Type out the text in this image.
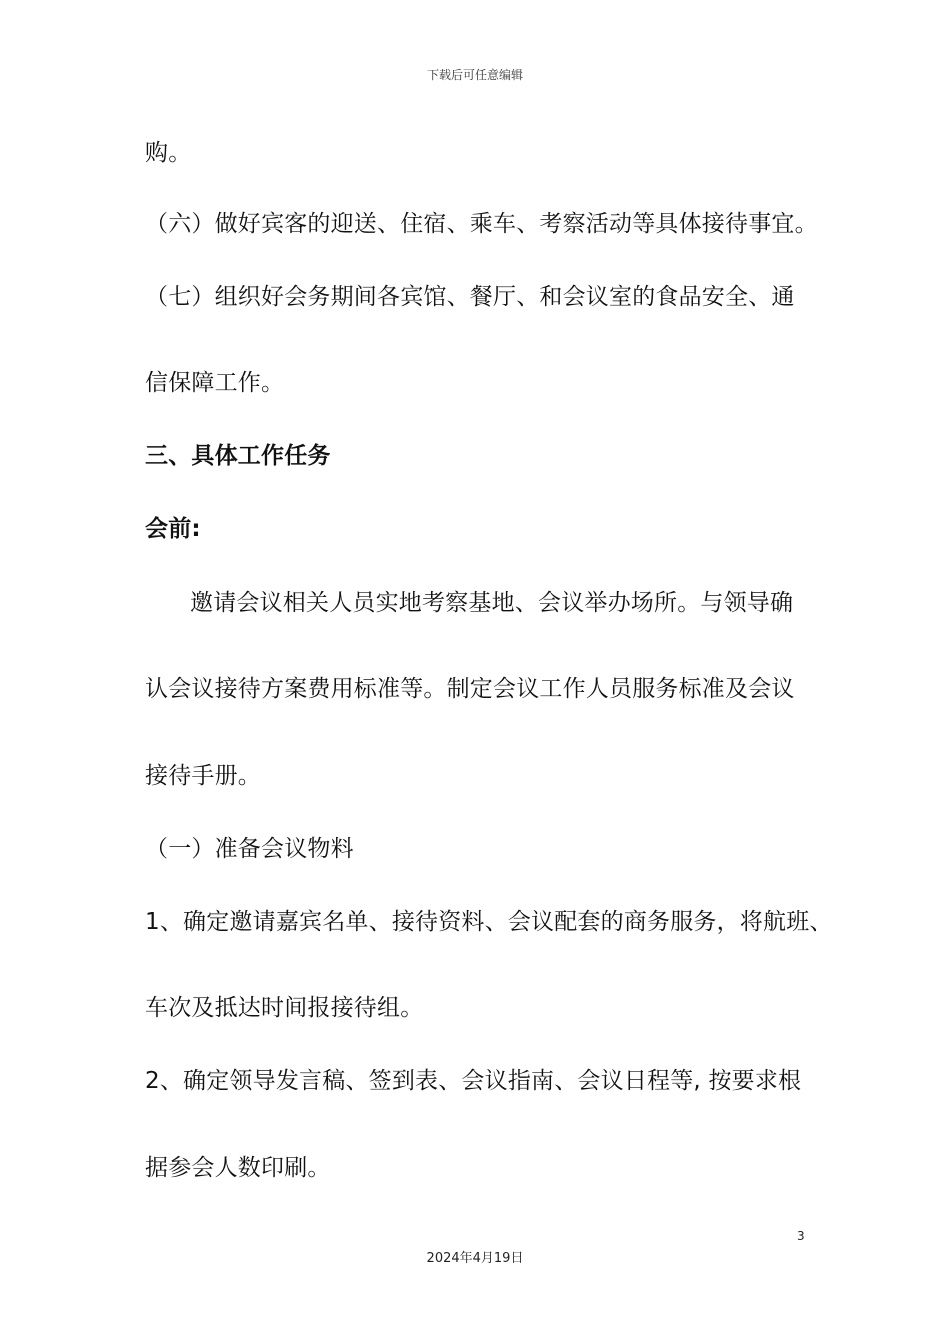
下载后可任意编辑
购。
（六）做好宾客的迎送、住宿、乘车、考察活动等具体接待事宜。
（七）组织好会务期间各宾馆、餐厅、和会议室的食品安全、通
信保障工作。
三、具体工作任务
会前:
邀请会议相关人员实地考察基地、会议举办场所。与领导确
认会议接待方案费用标准等。制定会议工作人员服务标准及会议
接待手册。
（一）准备会议物料
1、确定邀请嘉宾名单、接待资料、会议配套的商务服务，将航班、
车次及抵达时间报接待组。
2、确定领导发言稿、签到表、会议指南、会议日程等, 按要求根
据参会人数印刷。
3
2024年4月19日
